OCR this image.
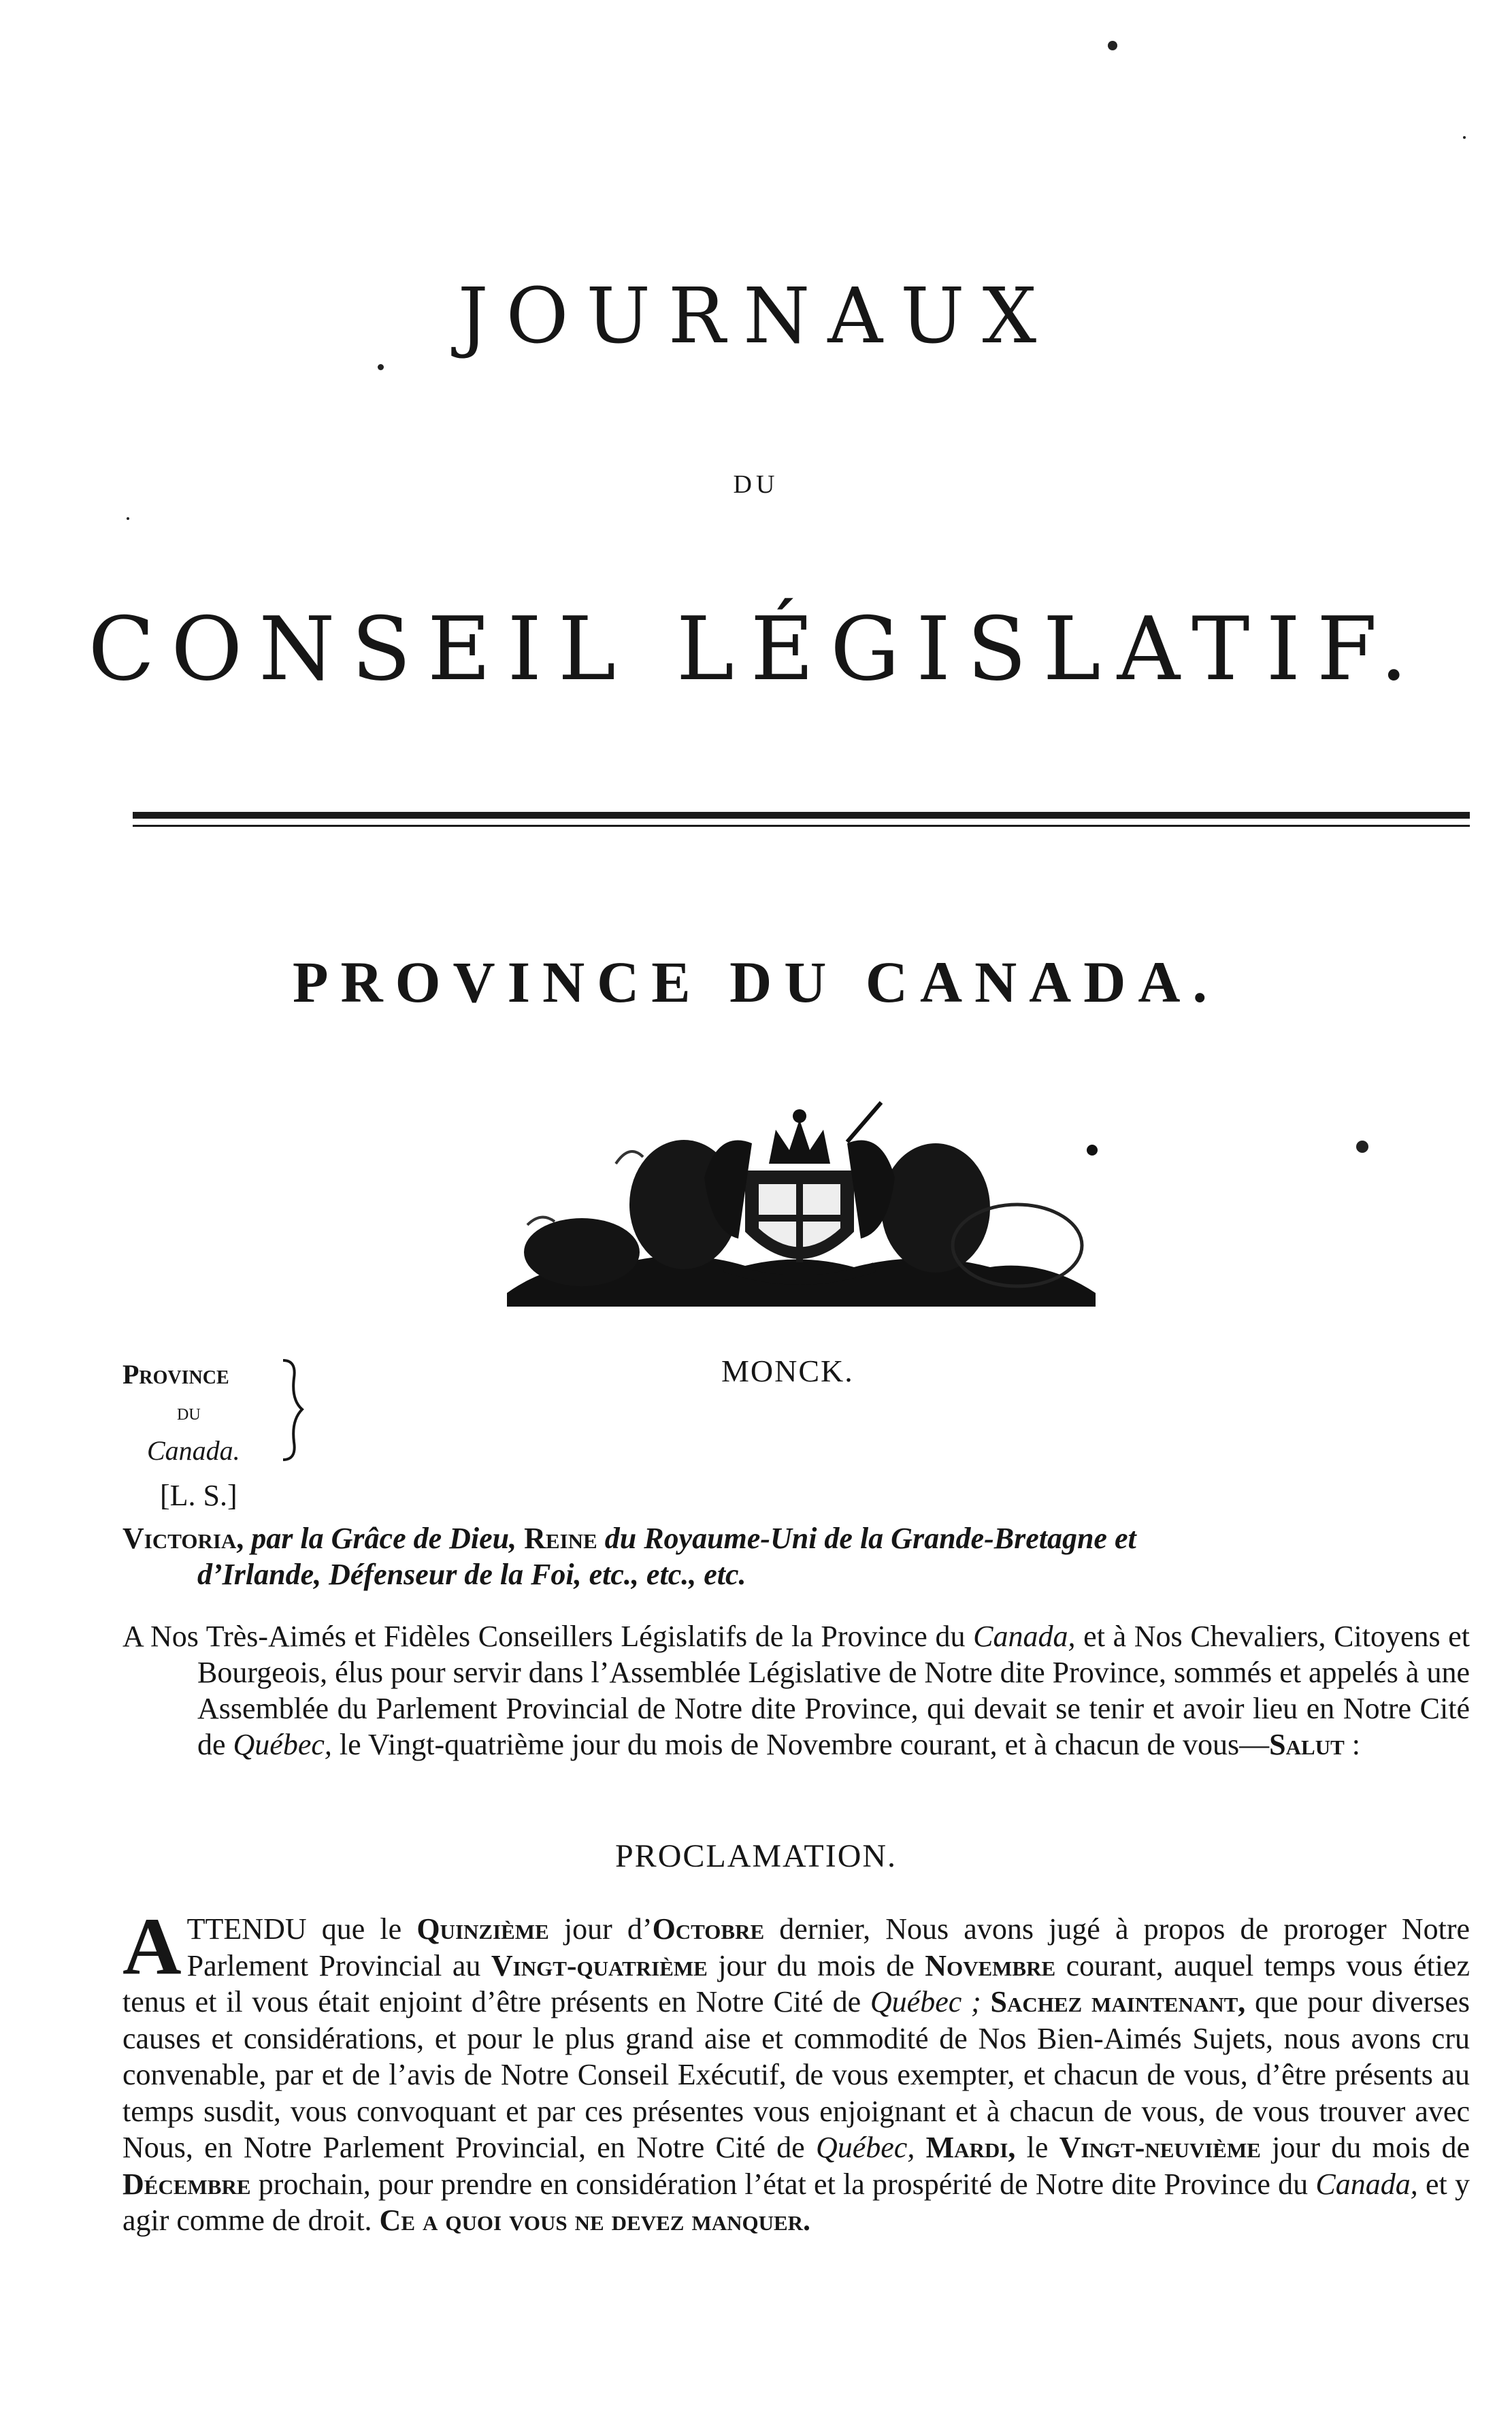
JOURNAUX
DU
CONSEIL LÉGISLATIF.
PROVINCE DU CANADA.
MONCK.
Province
du
Canada.
[L. S.]

Victoria, par la Grâce de Dieu, Reine du Royaume-Uni de la Grande-Bretagne et
d’Irlande, Défenseur de la Foi, etc., etc., etc.

A Nos Très-Aimés et Fidèles Conseillers Législatifs de la Province du Canada, et à Nos Chevaliers, Citoyens et Bourgeois, élus pour servir dans l’Assemblée Législative de Notre dite Province, sommés et appelés à une Assemblée du Parlement Provincial de Notre dite Province, qui devait se tenir et avoir lieu en Notre Cité de Québec, le Vingt-quatrième jour du mois de Novembre courant, et à chacun de vous—Salut :

PROCLAMATION.

ATTENDU que le Quinzième jour d’Octobre dernier, Nous avons jugé à propos de proroger Notre Parlement Provincial au Vingt-quatrième jour du mois de Novembre courant, auquel temps vous étiez tenus et il vous était enjoint d’être présents en Notre Cité de Québec ; Sachez maintenant, que pour diverses causes et considérations, et pour le plus grand aise et commodité de Nos Bien-Aimés Sujets, nous avons cru convenable, par et de l’avis de Notre Conseil Exécutif, de vous exempter, et chacun de vous, d’être présents au temps susdit, vous convoquant et par ces présentes vous enjoignant et à chacun de vous, de vous trouver avec Nous, en Notre Parlement Provincial, en Notre Cité de Québec, Mardi, le Vingt-neuvième jour du mois de Décembre prochain, pour prendre en considération l’état et la prospérité de Notre dite Province du Canada, et y agir comme de droit. Ce a quoi vous ne devez manquer.
